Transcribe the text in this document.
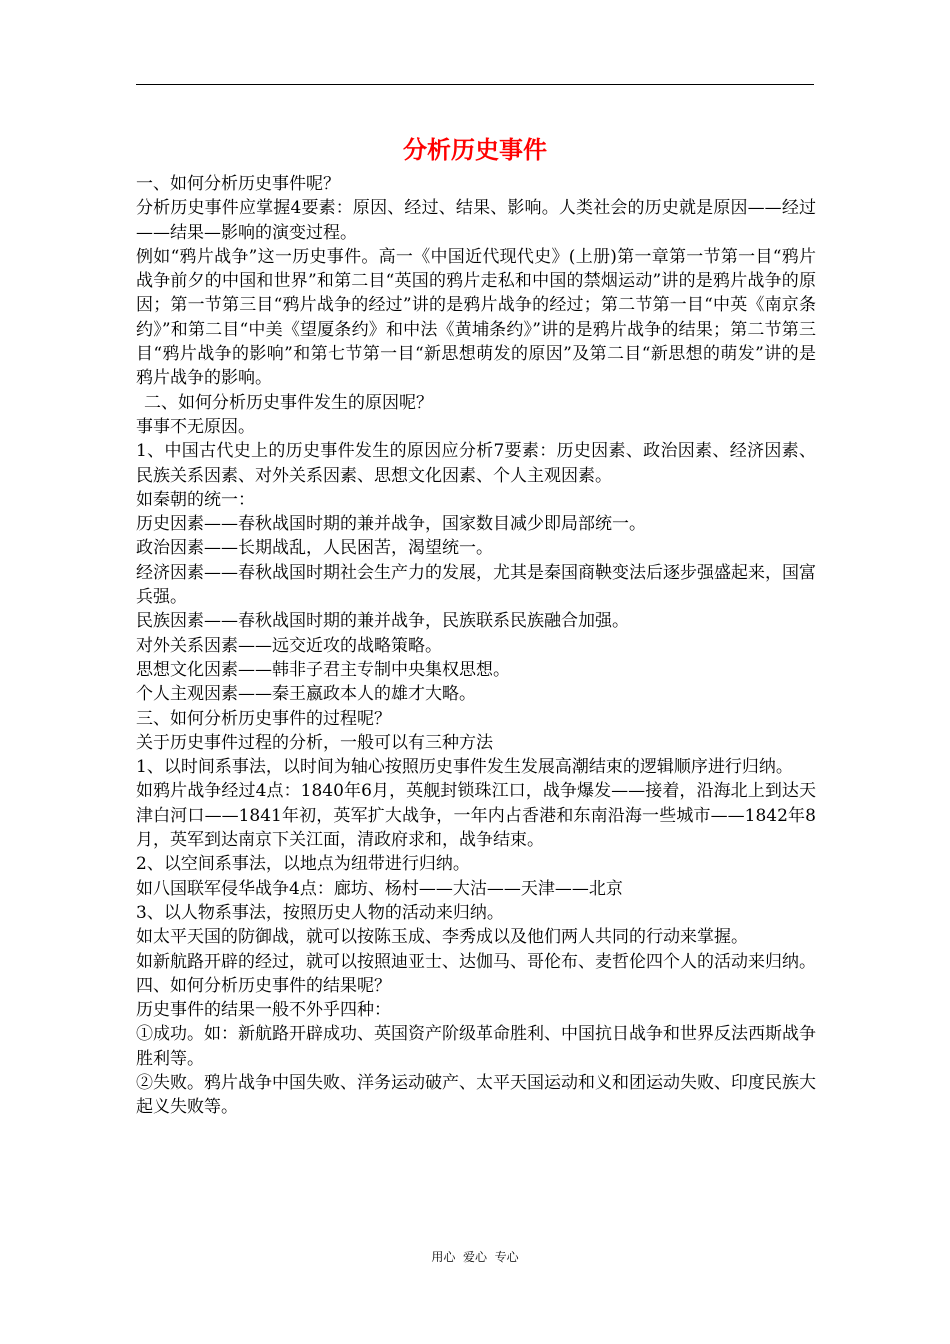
分析历史事件

一、如何分析历史事件呢？

分析历史事件应掌握4要素：原因、经过、结果、影响。人类社会的历史就是原因——经过——结果—影响的演变过程。

例如“鸦片战争”这一历史事件。高一《中国近代现代史》(上册)第一章第一节第一目“鸦片战争前夕的中国和世界”和第二目“英国的鸦片走私和中国的禁烟运动”讲的是鸦片战争的原因；第一节第三目“鸦片战争的经过”讲的是鸦片战争的经过；第二节第一目“中英《南京条约》”和第二目“中美《望厦条约》和中法《黄埔条约》”讲的是鸦片战争的结果；第二节第三目“鸦片战争的影响”和第七节第一目“新思想萌发的原因”及第二目“新思想的萌发”讲的是鸦片战争的影响。

二、如何分析历史事件发生的原因呢？

事事不无原因。

1、中国古代史上的历史事件发生的原因应分析7要素：历史因素、政治因素、经济因素、民族关系因素、对外关系因素、思想文化因素、个人主观因素。

如秦朝的统一：

历史因素——春秋战国时期的兼并战争，国家数目减少即局部统一。

政治因素——长期战乱，人民困苦，渴望统一。

经济因素——春秋战国时期社会生产力的发展，尤其是秦国商鞅变法后逐步强盛起来，国富兵强。

民族因素——春秋战国时期的兼并战争，民族联系民族融合加强。

对外关系因素——远交近攻的战略策略。

思想文化因素——韩非子君主专制中央集权思想。

个人主观因素——秦王嬴政本人的雄才大略。

三、如何分析历史事件的过程呢？

关于历史事件过程的分析，一般可以有三种方法

1、以时间系事法，以时间为轴心按照历史事件发生发展高潮结束的逻辑顺序进行归纳。

如鸦片战争经过4点：1840年6月，英舰封锁珠江口，战争爆发——接着，沿海北上到达天津白河口——1841年初，英军扩大战争，一年内占香港和东南沿海一些城市——1842年8月，英军到达南京下关江面，清政府求和，战争结束。

2、以空间系事法，以地点为纽带进行归纳。

如八国联军侵华战争4点：廊坊、杨村——大沽——天津——北京

3、以人物系事法，按照历史人物的活动来归纳。

如太平天国的防御战，就可以按陈玉成、李秀成以及他们两人共同的行动来掌握。

如新航路开辟的经过，就可以按照迪亚士、达伽马、哥伦布、麦哲伦四个人的活动来归纳。

四、如何分析历史事件的结果呢？

历史事件的结果一般不外乎四种：

①成功。如：新航路开辟成功、英国资产阶级革命胜利、中国抗日战争和世界反法西斯战争胜利等。

②失败。鸦片战争中国失败、洋务运动破产、太平天国运动和义和团运动失败、印度民族大起义失败等。

用心  爱心  专心
